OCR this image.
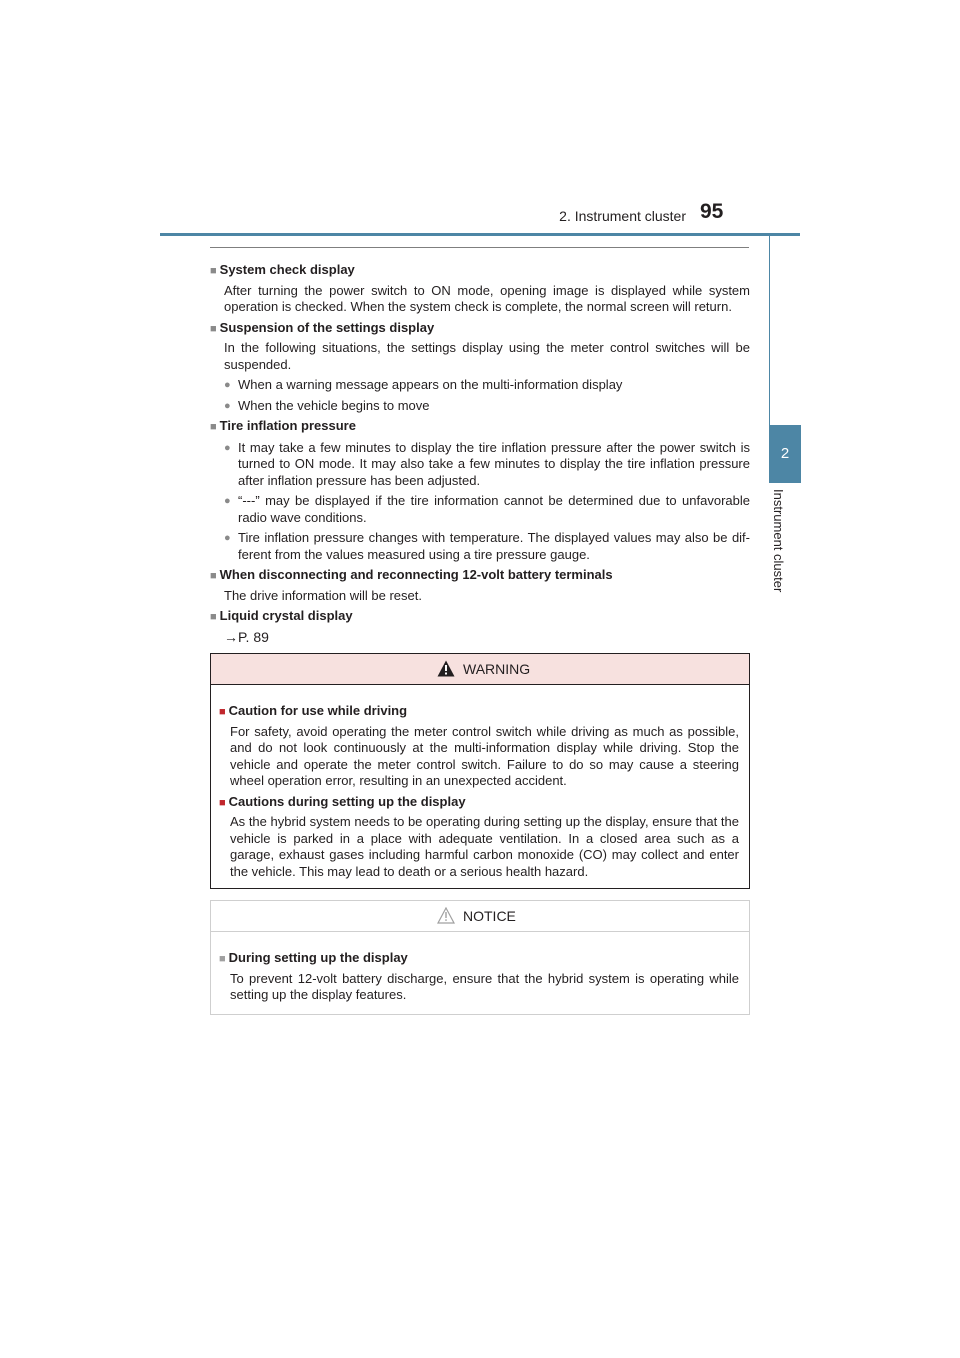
2. Instrument cluster 95
2
Instrument cluster
■ System check display
After turning the power switch to ON mode, opening image is displayed while system operation is checked. When the system check is complete, the normal screen will return.
■ Suspension of the settings display
In the following situations, the settings display using the meter control switches will be suspended.
● When a warning message appears on the multi-information display
● When the vehicle begins to move
■ Tire inflation pressure
● It may take a few minutes to display the tire inflation pressure after the power switch is turned to ON mode. It may also take a few minutes to display the tire inflation pressure after inflation pressure has been adjusted.
● “---” may be displayed if the tire information cannot be determined due to unfavorable radio wave conditions.
● Tire inflation pressure changes with temperature. The displayed values may also be dif-ferent from the values measured using a tire pressure gauge.
■ When disconnecting and reconnecting 12-volt battery terminals
The drive information will be reset.
■ Liquid crystal display
→P. 89
WARNING
■ Caution for use while driving
For safety, avoid operating the meter control switch while driving as much as possible, and do not look continuously at the multi-information display while driving. Stop the vehicle and operate the meter control switch. Failure to do so may cause a steering wheel operation error, resulting in an unexpected accident.
■ Cautions during setting up the display
As the hybrid system needs to be operating during setting up the display, ensure that the vehicle is parked in a place with adequate ventilation. In a closed area such as a garage, exhaust gases including harmful carbon monoxide (CO) may collect and enter the vehicle. This may lead to death or a serious health hazard.
NOTICE
■ During setting up the display
To prevent 12-volt battery discharge, ensure that the hybrid system is operating while setting up the display features.
